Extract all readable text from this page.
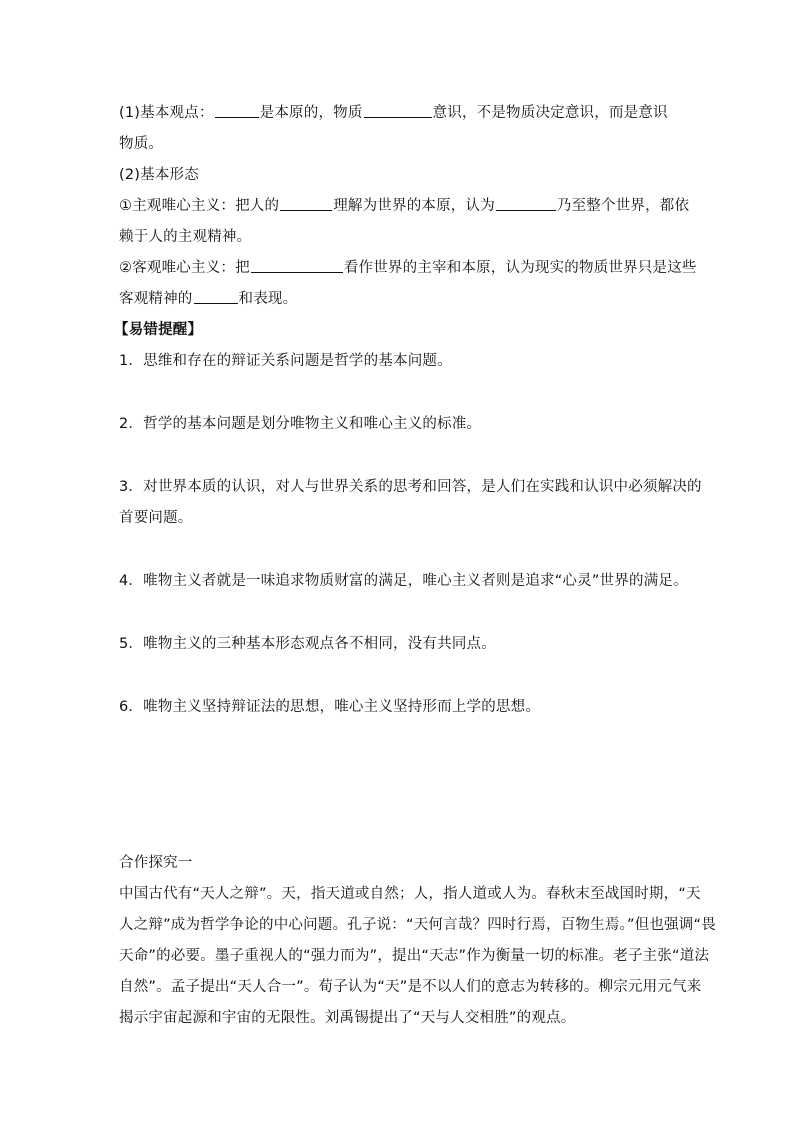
(1)基本观点：	是本原的，物质	意识，不是物质决定意识，而是意识
物质。
(2)基本形态
①主观唯心主义：把人的	理解为世界的本原，认为	乃至整个世界，都依
赖于人的主观精神。
②客观唯心主义：把	看作世界的主宰和本原，认为现实的物质世界只是这些
客观精神的	和表现。
【易错提醒】
1．思维和存在的辩证关系问题是哲学的基本问题。
2．哲学的基本问题是划分唯物主义和唯心主义的标准。
3．对世界本质的认识，对人与世界关系的思考和回答，是人们在实践和认识中必须解决的
首要问题。
4．唯物主义者就是一味追求物质财富的满足，唯心主义者则是追求“心灵”世界的满足。
5．唯物主义的三种基本形态观点各不相同，没有共同点。
6．唯物主义坚持辩证法的思想，唯心主义坚持形而上学的思想。
合作探究一
中国古代有“天人之辩”。天，指天道或自然；人，指人道或人为。春秋末至战国时期，“天
人之辩”成为哲学争论的中心问题。孔子说：“天何言哉？四时行焉，百物生焉。”但也强调“畏
天命”的必要。墨子重视人的“强力而为”，提出“天志”作为衡量一切的标准。老子主张“道法
自然”。孟子提出“天人合一”。荀子认为“天”是不以人们的意志为转移的。柳宗元用元气来
揭示宇宙起源和宇宙的无限性。刘禹锡提出了“天与人交相胜”的观点。
